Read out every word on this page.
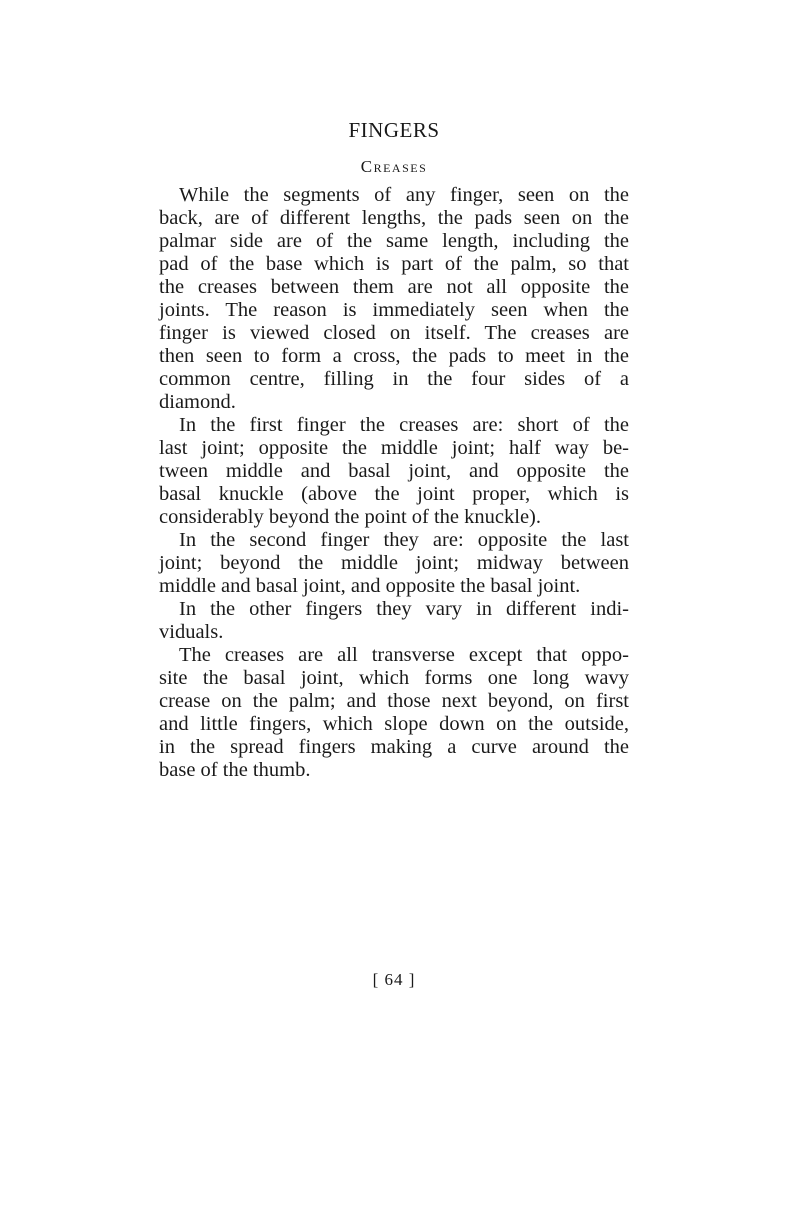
FINGERS
Creases
While the segments of any finger, seen on the
back, are of different lengths, the pads seen on the
palmar side are of the same length, including the
pad of the base which is part of the palm, so that
the creases between them are not all opposite the
joints. The reason is immediately seen when the
finger is viewed closed on itself. The creases are
then seen to form a cross, the pads to meet in the
common centre, filling in the four sides of a
diamond.
In the first finger the creases are: short of the
last joint; opposite the middle joint; half way be-
tween middle and basal joint, and opposite the
basal knuckle (above the joint proper, which is
considerably beyond the point of the knuckle).
In the second finger they are: opposite the last
joint; beyond the middle joint; midway between
middle and basal joint, and opposite the basal joint.
In the other fingers they vary in different indi-
viduals.
The creases are all transverse except that oppo-
site the basal joint, which forms one long wavy
crease on the palm; and those next beyond, on first
and little fingers, which slope down on the outside,
in the spread fingers making a curve around the
base of the thumb.
[ 64 ]
